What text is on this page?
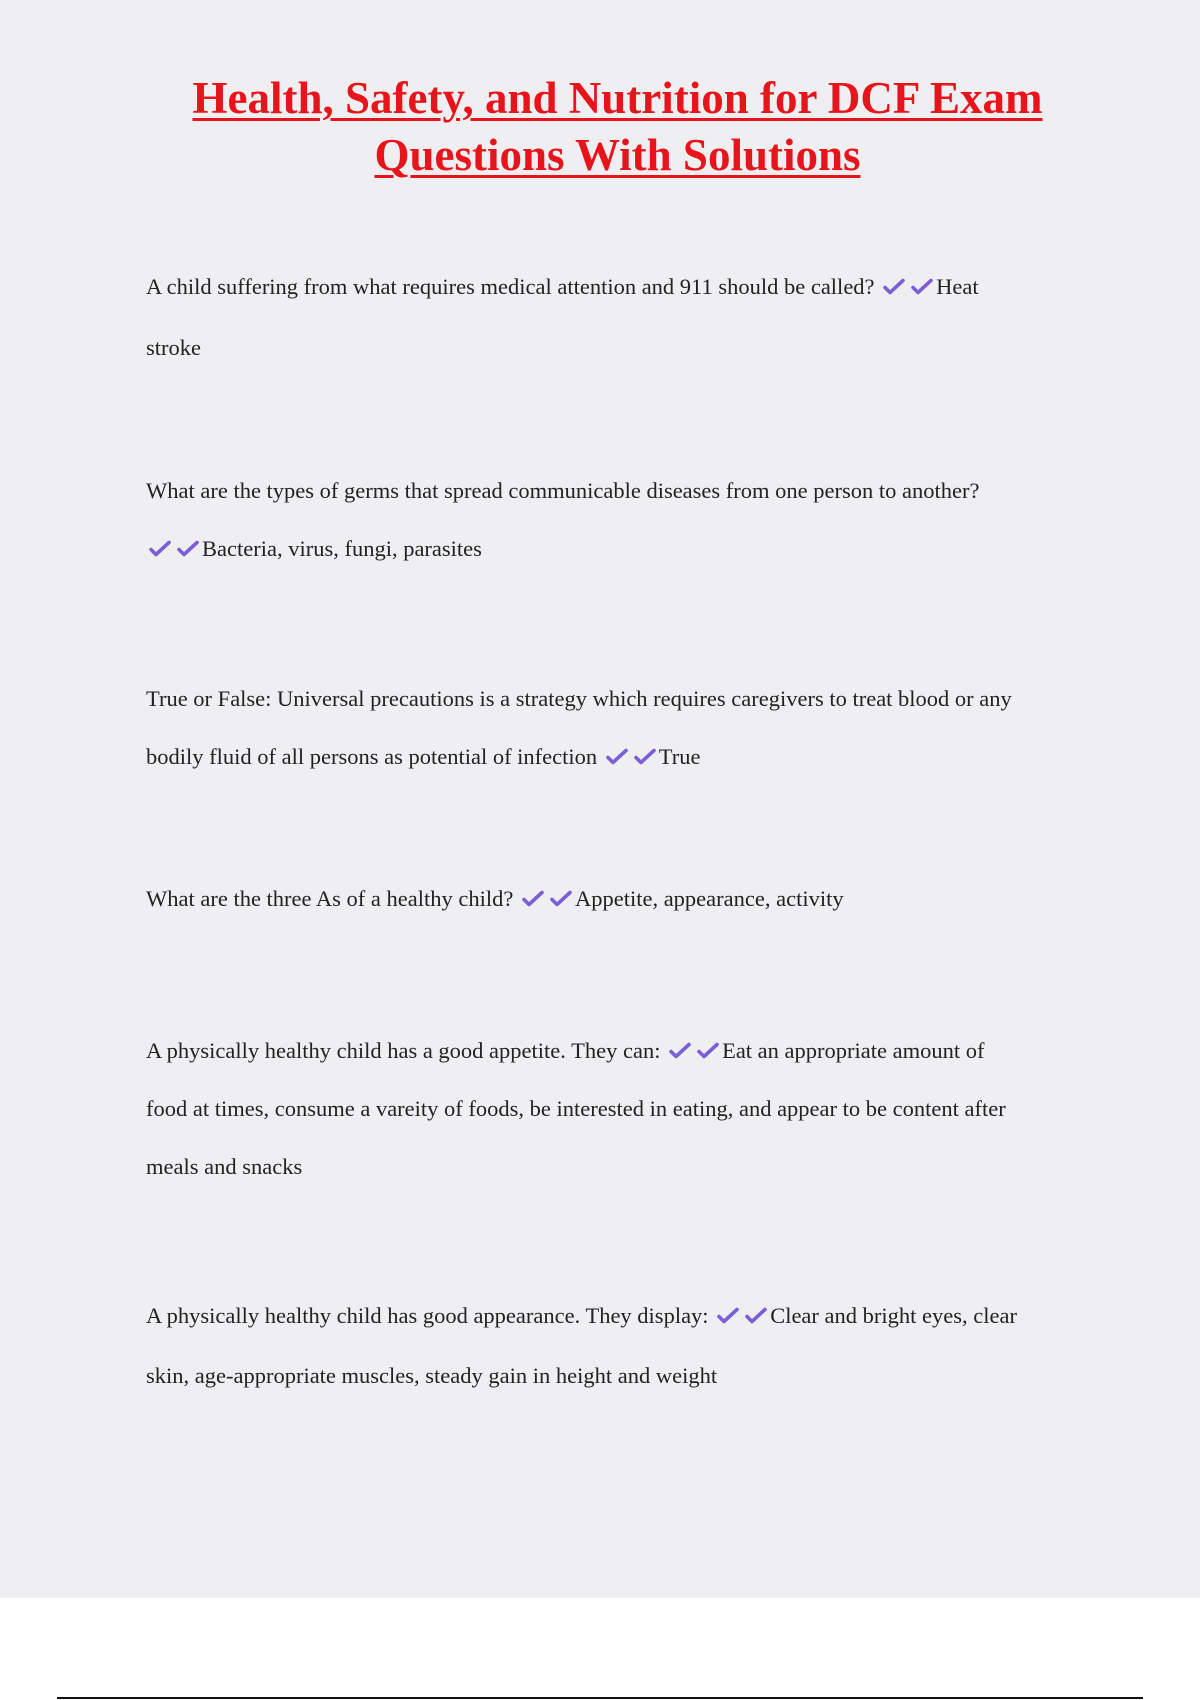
Health, Safety, and Nutrition for DCF Exam
Questions With Solutions
A child suffering from what requires medical attention and 911 should be called?	Heat
stroke
What are the types of germs that spread communicable diseases from one person to another?
Bacteria, virus, fungi, parasites
True or False: Universal precautions is a strategy which requires caregivers to treat blood or any
bodily fluid of all persons as potential of infection	True
What are the three As of a healthy child?	Appetite, appearance, activity
A physically healthy child has a good appetite. They can:	Eat an appropriate amount of
food at times, consume a vareity of foods, be interested in eating, and appear to be content after
meals and snacks
A physically healthy child has good appearance. They display:	Clear and bright eyes, clear
skin, age-appropriate muscles, steady gain in height and weight
